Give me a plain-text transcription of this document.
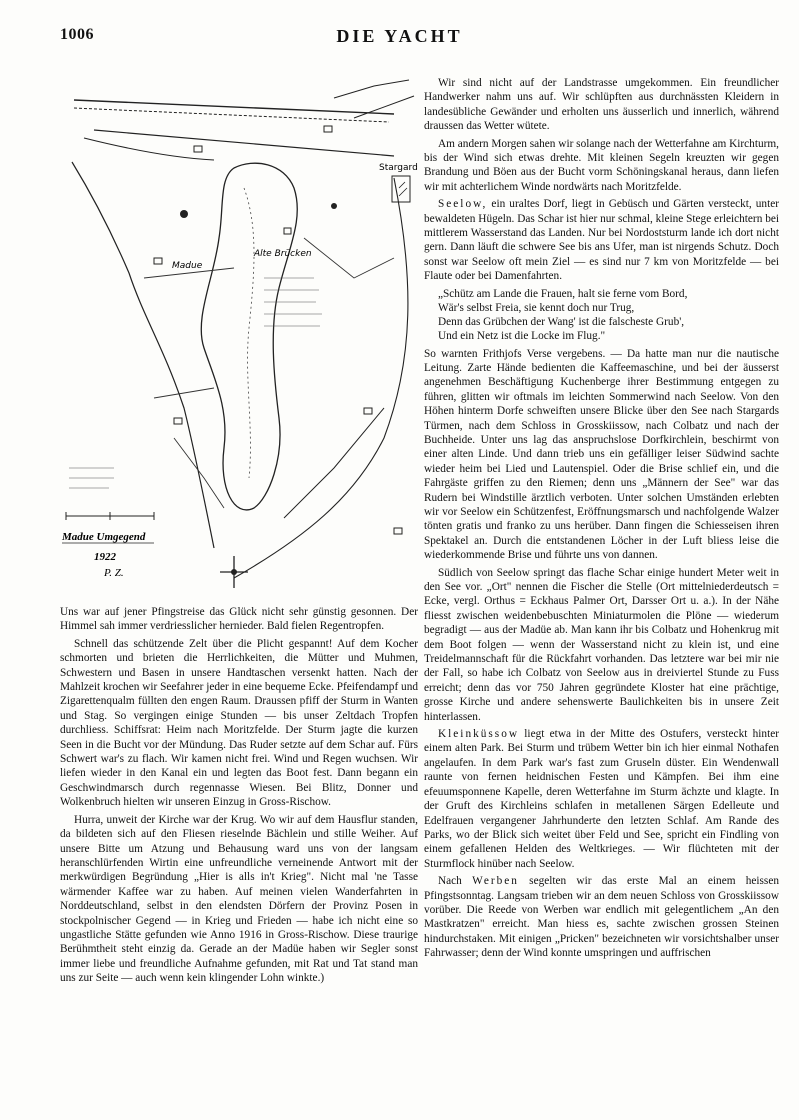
1006	DIE YACHT
Stargard
Alte Brücken
Madue
Madue Umgegend
1922
P. Z.

Uns war auf jener Pfingstreise das Glück nicht sehr günstig gesonnen. Der Himmel sah immer verdriesslicher hernieder. Bald fielen Regentropfen.

Schnell das schützende Zelt über die Plicht gespannt! Auf dem Kocher schmorten und brieten die Herrlichkeiten, die Mütter und Muhmen, Schwestern und Basen in unsere Handtaschen versenkt hatten. Nach der Mahlzeit krochen wir Seefahrer jeder in eine bequeme Ecke. Pfeifendampf und Zigarettenqualm füllten den engen Raum. Draussen pfiff der Sturm in Wanten und Stag. So vergingen einige Stunden — bis unser Zeltdach Tropfen durchliess. Schiffsrat: Heim nach Moritzfelde. Der Sturm jagte die kurzen Seen in die Bucht vor der Mündung. Das Ruder setzte auf dem Schar auf. Fürs Schwert war's zu flach. Wir kamen nicht frei. Wind und Regen wuchsen. Wir liefen wieder in den Kanal ein und legten das Boot fest. Dann begann ein Geschwindmarsch durch regennasse Wiesen. Bei Blitz, Donner und Wolkenbruch hielten wir unseren Einzug in Gross-Rischow.

Hurra, unweit der Kirche war der Krug. Wo wir auf dem Hausflur standen, da bildeten sich auf den Fliesen rieselnde Bächlein und stille Weiher. Auf unsere Bitte um Atzung und Behausung ward uns von der langsam heranschlürfenden Wirtin eine unfreundliche verneinende Antwort mit der merkwürdigen Begründung „Hier is alls in't Krieg". Nicht mal 'ne Tasse wärmender Kaffee war zu haben. Auf meinen vielen Wanderfahrten in Norddeutschland, selbst in den elendsten Dörfern der Provinz Posen in stockpolnischer Gegend — in Krieg und Frieden — habe ich nicht eine so ungastliche Stätte gefunden wie Anno 1916 in Gross-Rischow. Diese traurige Berühmtheit steht einzig da. Gerade an der Madüe haben wir Segler sonst immer liebe und freundliche Aufnahme gefunden, mit Rat und Tat stand man uns zur Seite — auch wenn kein klingender Lohn winkte.)

Wir sind nicht auf der Landstrasse umgekommen. Ein freundlicher Handwerker nahm uns auf. Wir schlüpften aus durchnässten Kleidern in landesübliche Gewänder und erholten uns äusserlich und innerlich, während draussen das Wetter wütete.

Am andern Morgen sahen wir solange nach der Wetterfahne am Kirchturm, bis der Wind sich etwas drehte. Mit kleinen Segeln kreuzten wir gegen Brandung und Böen aus der Bucht vorm Schöningskanal heraus, dann liefen wir mit achterlichem Winde nordwärts nach Moritzfelde.

Seelow, ein uraltes Dorf, liegt in Gebüsch und Gärten versteckt, unter bewaldeten Hügeln. Das Schar ist hier nur schmal, kleine Stege erleichtern bei mittlerem Wasserstand das Landen. Nur bei Nordoststurm lande ich dort nicht gern. Dann läuft die schwere See bis ans Ufer, man ist nirgends Schutz. Doch sonst war Seelow oft mein Ziel — es sind nur 7 km von Moritzfelde — bei Flaute oder bei Damenfahrten.

„Schütz am Lande die Frauen, halt sie ferne vom Bord,
Wär's selbst Freia, sie kennt doch nur Trug,
Denn das Grübchen der Wang' ist die falscheste Grub',
Und ein Netz ist die Locke im Flug."

So warnten Frithjofs Verse vergebens. — Da hatte man nur die nautische Leitung. Zarte Hände bedienten die Kaffeemaschine, und bei der äusserst angenehmen Beschäftigung Kuchenberge ihrer Bestimmung entgegen zu führen, glitten wir oftmals im leichten Sommerwind nach Seelow. Von den Höhen hinterm Dorfe schweiften unsere Blicke über den See nach Stargards Türmen, nach dem Schloss in Grosskiissow, nach Colbatz und nach der Buchheide. Unter uns lag das anspruchslose Dorfkirchlein, beschirmt von einer alten Linde. Und dann trieb uns ein gefälliger leiser Südwind sachte wieder heim bei Lied und Lautenspiel. Oder die Brise schlief ein, und die Fahrgäste griffen zu den Riemen; denn uns „Männern der See" war das Rudern bei Windstille ärztlich verboten. Unter solchen Umständen erlebten wir vor Seelow ein Schützenfest, Eröffnungsmarsch und nachfolgende Walzer tönten gratis und franko zu uns herüber. Dann fingen die Schiesseisen ihren Spektakel an. Durch die entstandenen Löcher in der Luft bliess leise die wiederkommende Brise und führte uns von dannen.

Südlich von Seelow springt das flache Schar einige hundert Meter weit in den See vor. „Ort" nennen die Fischer die Stelle (Ort mittelniederdeutsch = Ecke, vergl. Orthus = Eckhaus Palmer Ort, Darsser Ort u. a.). In der Nähe fliesst zwischen weidenbebuschten Miniaturmolen die Plöne — wiederum begradigt — aus der Madüe ab. Man kann ihr bis Colbatz und Hohenkrug mit dem Boot folgen — wenn der Wasserstand nicht zu klein ist, und eine Treidelmannschaft für die Rückfahrt vorhanden. Das letztere war bei mir nie der Fall, so habe ich Colbatz von Seelow aus in dreiviertel Stunde zu Fuss erreicht; denn das vor 750 Jahren gegründete Kloster hat eine prächtige, grosse Kirche und andere sehenswerte Baulichkeiten bis in unsere Zeit hinterlassen.

Kleinküssow liegt etwa in der Mitte des Ostufers, versteckt hinter einem alten Park. Bei Sturm und trübem Wetter bin ich hier einmal Nothafen angelaufen. In dem Park war's fast zum Gruseln düster. Ein Wendenwall raunte von fernen heidnischen Festen und Kämpfen. Bei ihm eine efeuumsponnene Kapelle, deren Wetterfahne im Sturm ächzte und klagte. In der Gruft des Kirchleins schlafen in metallenen Särgen Edelleute und Edelfrauen vergangener Jahrhunderte den letzten Schlaf. Am Rande des Parks, wo der Blick sich weitet über Feld und See, spricht ein Findling von einem gefallenen Helden des Weltkrieges. — Wir flüchteten mit der Sturmflock hinüber nach Seelow.

Nach Werben segelten wir das erste Mal an einem heissen Pfingstsonntag. Langsam trieben wir an dem neuen Schloss von Grosskiissow vorüber. Die Reede von Werben war endlich mit gelegentlichem „An den Mastkratzen" erreicht. Man hiess es, sachte zwischen grossen Steinen hindurchstaken. Mit einigen „Pricken" bezeichneten wir vorsichtshalber unser Fahrwasser; denn der Wind konnte umspringen und auffrischen
